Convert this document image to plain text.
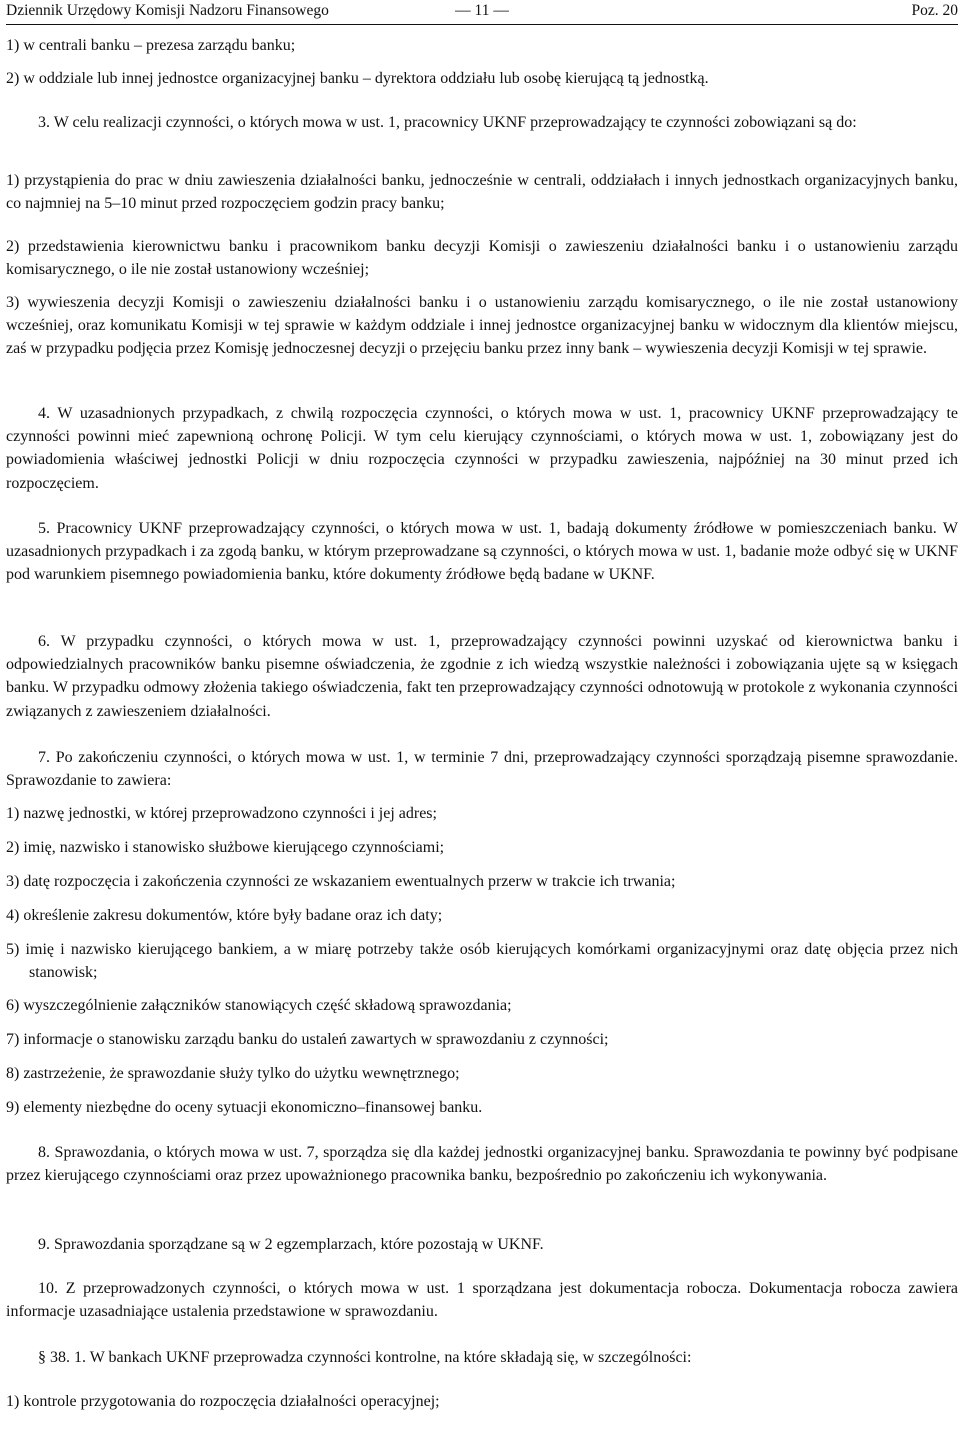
Dziennik Urzędowy Komisji Nadzoru Finansowego	— 11 —	Poz. 20

1) w centrali banku – prezesa zarządu banku;

2) w oddziale lub innej jednostce organizacyjnej banku – dyrektora oddziału lub osobę kierującą tą jednostką.

3. W celu realizacji czynności, o których mowa w ust. 1, pracownicy UKNF przeprowadzający te czynności zobowiązani są do:

1) przystąpienia do prac w dniu zawieszenia działalności banku, jednocześnie w centrali, oddziałach i innych jednostkach organizacyjnych banku, co najmniej na 5–10 minut przed rozpoczęciem godzin pracy banku;

2) przedstawienia kierownictwu banku i pracownikom banku decyzji Komisji o zawieszeniu działalności banku i o ustanowieniu zarządu komisarycznego, o ile nie został ustanowiony wcześniej;

3) wywieszenia decyzji Komisji o zawieszeniu działalności banku i o ustanowieniu zarządu komisarycznego, o ile nie został ustanowiony wcześniej, oraz komunikatu Komisji w tej sprawie w każdym oddziale i innej jednostce organizacyjnej banku w widocznym dla klientów miejscu, zaś w przypadku podjęcia przez Komisję jednoczesnej decyzji o przejęciu banku przez inny bank – wywieszenia decyzji Komisji w tej sprawie.

4. W uzasadnionych przypadkach, z chwilą rozpoczęcia czynności, o których mowa w ust. 1, pracownicy UKNF przeprowadzający te czynności powinni mieć zapewnioną ochronę Policji. W tym celu kierujący czynnościami, o których mowa w ust. 1, zobowiązany jest do powiadomienia właściwej jednostki Policji w dniu rozpoczęcia czynności w przypadku zawieszenia, najpóźniej na 30 minut przed ich rozpoczęciem.

5. Pracownicy UKNF przeprowadzający czynności, o których mowa w ust. 1, badają dokumenty źródłowe w pomieszczeniach banku. W uzasadnionych przypadkach i za zgodą banku, w którym przeprowadzane są czynności, o których mowa w ust. 1, badanie może odbyć się w UKNF pod warunkiem pisemnego powiadomienia banku, które dokumenty źródłowe będą badane w UKNF.

6. W przypadku czynności, o których mowa w ust. 1, przeprowadzający czynności powinni uzyskać od kierownictwa banku i odpowiedzialnych pracowników banku pisemne oświadczenia, że zgodnie z ich wiedzą wszystkie należności i zobowiązania ujęte są w księgach banku. W przypadku odmowy złożenia takiego oświadczenia, fakt ten przeprowadzający czynności odnotowują w protokole z wykonania czynności związanych z zawieszeniem działalności.

7. Po zakończeniu czynności, o których mowa w ust. 1, w terminie 7 dni, przeprowadzający czynności sporządzają pisemne sprawozdanie. Sprawozdanie to zawiera:

1) nazwę jednostki, w której przeprowadzono czynności i jej adres;

2) imię, nazwisko i stanowisko służbowe kierującego czynnościami;

3) datę rozpoczęcia i zakończenia czynności ze wskazaniem ewentualnych przerw w trakcie ich trwania;

4) określenie zakresu dokumentów, które były badane oraz ich daty;

5) imię i nazwisko kierującego bankiem, a w miarę potrzeby także osób kierujących komórkami organizacyjnymi oraz datę objęcia przez nich stanowisk;

6) wyszczególnienie załączników stanowiących część składową sprawozdania;

7) informacje o stanowisku zarządu banku do ustaleń zawartych w sprawozdaniu z czynności;

8) zastrzeżenie, że sprawozdanie służy tylko do użytku wewnętrznego;

9) elementy niezbędne do oceny sytuacji ekonomiczno–finansowej banku.

8. Sprawozdania, o których mowa w ust. 7, sporządza się dla każdej jednostki organizacyjnej banku. Sprawozdania te powinny być podpisane przez kierującego czynnościami oraz przez upoważnionego pracownika banku, bezpośrednio po zakończeniu ich wykonywania.

9. Sprawozdania sporządzane są w 2 egzemplarzach, które pozostają w UKNF.

10. Z przeprowadzonych czynności, o których mowa w ust. 1 sporządzana jest dokumentacja robocza. Dokumentacja robocza zawiera informacje uzasadniające ustalenia przedstawione w sprawozdaniu.

§ 38. 1. W bankach UKNF przeprowadza czynności kontrolne, na które składają się, w szczególności:

1) kontrole przygotowania do rozpoczęcia działalności operacyjnej;
